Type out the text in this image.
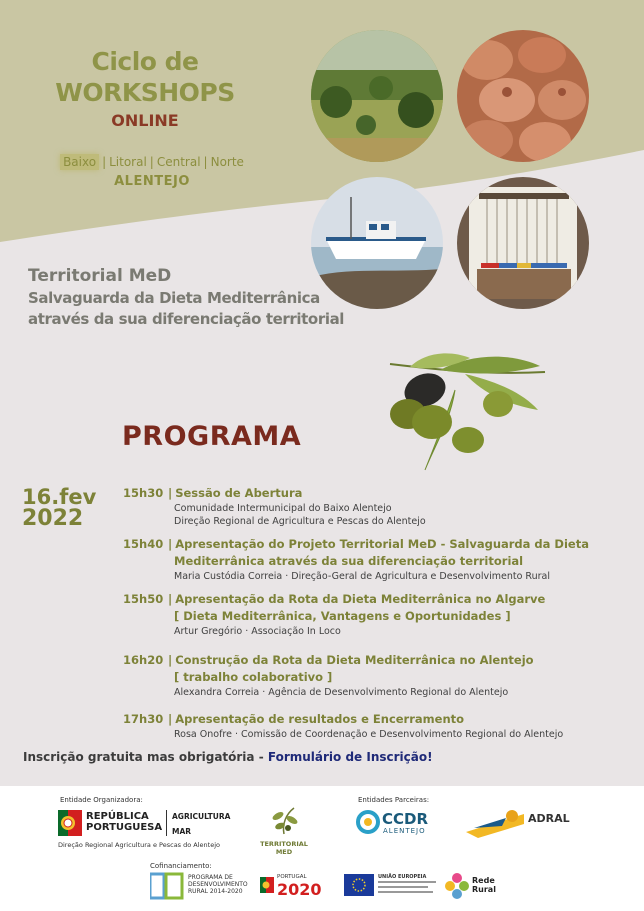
Ciclo de
WORKSHOPS
ONLINE
Baixo | Litoral | Central | Norte
ALENTEJO
Territorial MeD
Salvaguarda da Dieta Mediterrânica
através da sua diferenciação territorial
PROGRAMA
16.fev
2022
15h30 | Sessão de Abertura
Comunidade Intermunicipal do Baixo Alentejo
Direção Regional de Agricultura e Pescas do Alentejo
15h40 | Apresentação do Projeto Territorial MeD - Salvaguarda da Dieta
Mediterrânica através da sua diferenciação territorial
Maria Custódia Correia · Direção-Geral de Agricultura e Desenvolvimento Rural
15h50 | Apresentação da Rota da Dieta Mediterrânica no Algarve
[ Dieta Mediterrânica, Vantagens e Oportunidades ]
Artur Gregório · Associação In Loco
16h20 | Construção da Rota da Dieta Mediterrânica no Alentejo
[ trabalho colaborativo ]
Alexandra Correia · Agência de Desenvolvimento Regional do Alentejo
17h30 | Apresentação de resultados e Encerramento
Rosa Onofre · Comissão de Coordenação e Desenvolvimento Regional do Alentejo
Inscrição gratuita mas obrigatória - Formulário de Inscrição!
Entidade Organizadora:	Entidades Parceiras:
Cofinanciamento:
REPÚBLICA
PORTUGUESA
AGRICULTURA
MAR
Direção Regional Agricultura e Pescas do Alentejo	TERRITORIAL MED
CCDR
ALENTEJO
ADRAL
PROGRAMA DE
DESENVOLVIMENTO
RURAL 2014-2020
PORTUGAL
2020
UNIÃO EUROPEIA	Rede
Rural
